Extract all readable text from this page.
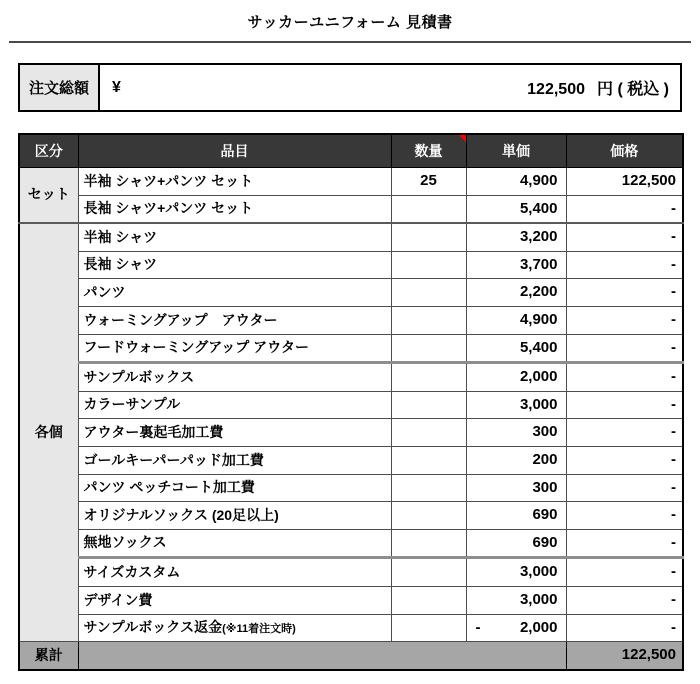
サッカーユニフォーム 見積書
注文総額	¥	122,500 円 ( 税込 )
区分	品目	数量	単価	価格
セット	半袖 シャツ+パンツ セット	25	4,900	122,500
	長袖 シャツ+パンツ セット		5,400	-
各個	半袖 シャツ		3,200	-
	長袖 シャツ		3,700	-
	パンツ		2,200	-
	ウォーミングアップ　アウター		4,900	-
	フードウォーミングアップ アウター		5,400	-
	サンプルボックス		2,000	-
	カラーサンプル		3,000	-
	アウター裏起毛加工費		300	-
	ゴールキーパーパッド加工費		200	-
	パンツ ペッチコート加工費		300	-
	オリジナルソックス (20足以上)		690	-
	無地ソックス		690	-
	サイズカスタム		3,000	-
	デザイン費		3,000	-
	サンプルボックス返金(※11着注文時)		- 2,000	-
累計				122,500
